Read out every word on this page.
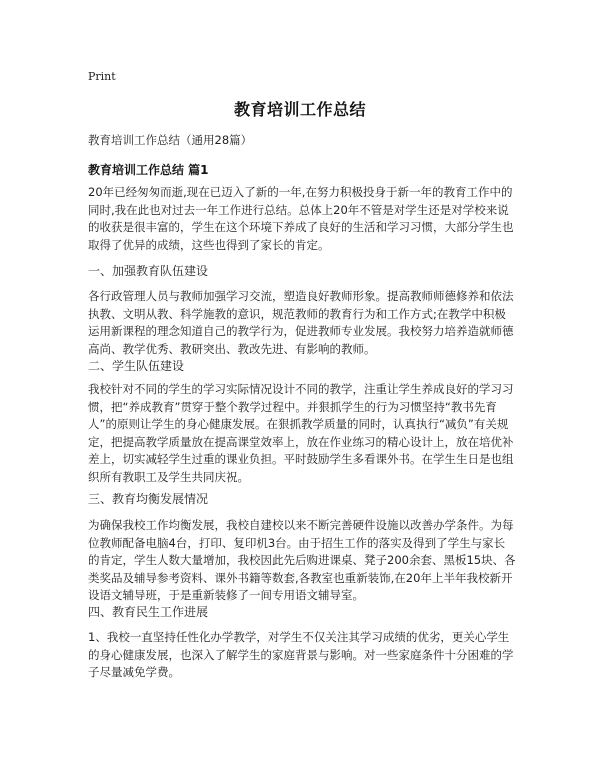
Print
教育培训工作总结
教育培训工作总结（通用28篇）
教育培训工作总结 篇1

20年已经匆匆而逝,现在已迈入了新的一年,在努力积极投身于新一年的教育工作中的同时,我在此也对过去一年工作进行总结。总体上20年不管是对学生还是对学校来说的收获是很丰富的，学生在这个环境下养成了良好的生活和学习习惯，大部分学生也取得了优异的成绩，这些也得到了家长的肯定。

一、加强教育队伍建设

各行政管理人员与教师加强学习交流，塑造良好教师形象。提高教师师德修养和依法执教、文明从教、科学施教的意识，规范教师的教育行为和工作方式;在教学中积极运用新课程的理念知道自己的教学行为，促进教师专业发展。我校努力培养造就师德高尚、教学优秀、教研突出、教改先进、有影响的教师。

二、学生队伍建设

我校针对不同的学生的学习实际情况设计不同的教学，注重让学生养成良好的学习习惯，把“养成教育”贯穿于整个教学过程中。并狠抓学生的行为习惯坚持“教书先育人”的原则让学生的身心健康发展。在狠抓教学质量的同时，认真执行“减负”有关规定，把提高教学质量放在提高课堂效率上，放在作业练习的精心设计上，放在培优补差上，切实减轻学生过重的课业负担。平时鼓励学生多看课外书。在学生生日是也组织所有教职工及学生共同庆祝。

三、教育均衡发展情况

为确保我校工作均衡发展，我校自建校以来不断完善硬件设施以改善办学条件。为每位教师配备电脑4台，打印、复印机3台。由于招生工作的落实及得到了学生与家长的肯定，学生人数大量增加，我校因此先后购进课桌、凳子200余套、黑板15块、各类奖品及辅导参考资料、课外书籍等数套,各教室也重新装饰,在20年上半年我校新开设语文辅导班，于是重新装修了一间专用语文辅导室。

四、教育民生工作进展

1、我校一直坚持任性化办学教学，对学生不仅关注其学习成绩的优劣，更关心学生的身心健康发展，也深入了解学生的家庭背景与影响。对一些家庭条件十分困难的学子尽量减免学费。
